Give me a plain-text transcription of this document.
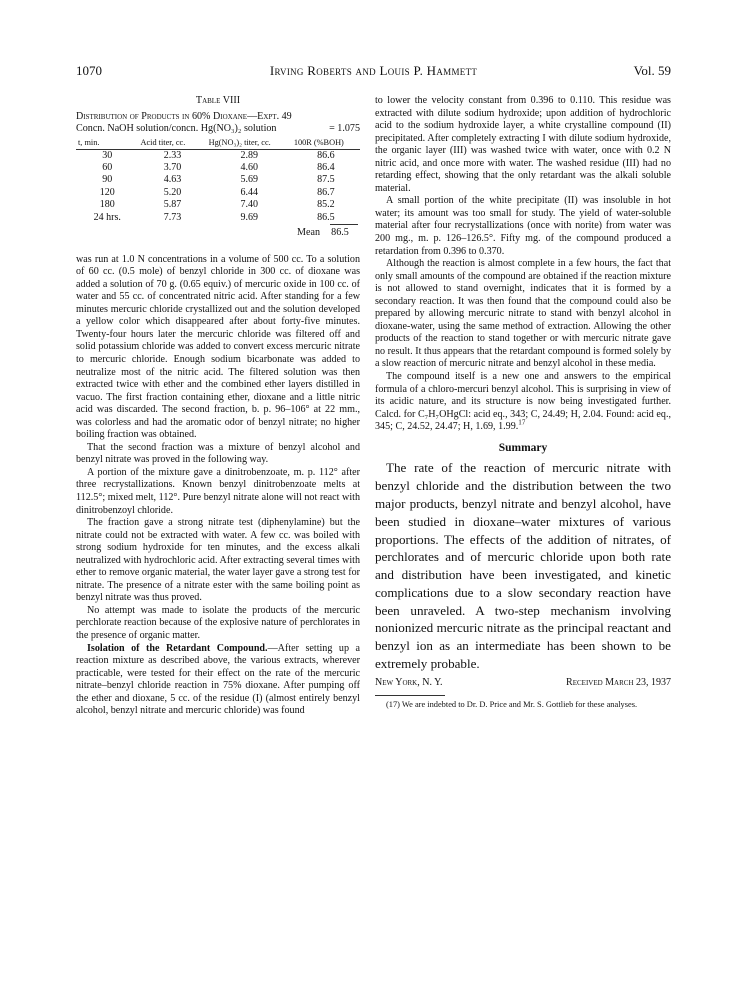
1070	Irving Roberts and Louis P. Hammett	Vol. 59
Table VIII
Distribution of Products in 60% Dioxane—Expt. 49
Concn. NaOH solution/concn. Hg(NO₃)₂ solution	= 1.075
t, min.	Acid titer, cc.	Hg(NO₃)₂ titer, cc.	100R (%BOH)
30	2.33	2.89	86.6
60	3.70	4.60	86.4
90	4.63	5.69	87.5
120	5.20	6.44	86.7
180	5.87	7.40	85.2
24 hrs.	7.73	9.69	86.5
Mean	86.5

was run at 1.0 N concentrations in a volume of 500 cc. To a solution of 60 cc. (0.5 mole) of benzyl chloride in 300 cc. of dioxane was added a solution of 70 g. (0.65 equiv.) of mercuric oxide in 100 cc. of water and 55 cc. of concentrated nitric acid. After standing for a few minutes mercuric chloride crystallized out and the solution developed a yellow color which disappeared after about forty-five minutes. Twenty-four hours later the mercuric chloride was filtered off and solid potassium chloride was added to convert excess mercuric nitrate to mercuric chloride. Enough sodium bicarbonate was added to neutralize most of the nitric acid. The filtered solution was then extracted twice with ether and the combined ether layers distilled in vacuo. The first fraction containing ether, dioxane and a little nitric acid was discarded. The second fraction, b. p. 96–106° at 22 mm., was colorless and had the aromatic odor of benzyl nitrate; no higher boiling fraction was obtained.

That the second fraction was a mixture of benzyl alcohol and benzyl nitrate was proved in the following way.

A portion of the mixture gave a dinitrobenzoate, m. p. 112° after three recrystallizations. Known benzyl dinitrobenzoate melts at 112.5°; mixed melt, 112°. Pure benzyl nitrate alone will not react with dinitrobenzoyl chloride.

The fraction gave a strong nitrate test (diphenylamine) but the nitrate could not be extracted with water. A few cc. was boiled with strong sodium hydroxide for ten minutes, and the excess alkali neutralized with hydrochloric acid. After extracting several times with ether to remove organic material, the water layer gave a strong test for nitrate. The presence of a nitrate ester with the same boiling point as benzyl nitrate was thus proved.

No attempt was made to isolate the products of the mercuric perchlorate reaction because of the explosive nature of perchlorates in the presence of organic matter.

Isolation of the Retardant Compound.—After setting up a reaction mixture as described above, the various extracts, wherever practicable, were tested for their effect on the rate of the mercuric nitrate–benzyl chloride reaction in 75% dioxane. After pumping off the ether and dioxane, 5 cc. of the residue (I) (almost entirely benzyl alcohol, benzyl nitrate and mercuric chloride) was found

to lower the velocity constant from 0.396 to 0.110. This residue was extracted with dilute sodium hydroxide; upon addition of hydrochloric acid to the sodium hydroxide layer, a white crystalline compound (II) precipitated. After completely extracting I with dilute sodium hydroxide, the organic layer (III) was washed twice with water, once with 0.2 N nitric acid, and once more with water. The washed residue (III) had no retarding effect, showing that the only retardant was the alkali soluble material.

A small portion of the white precipitate (II) was insoluble in hot water; its amount was too small for study. The yield of water-soluble material after four recrystallizations (once with norite) from water was 200 mg., m. p. 126–126.5°. Fifty mg. of the compound produced a retardation from 0.396 to 0.370.

Although the reaction is almost complete in a few hours, the fact that only small amounts of the compound are obtained if the reaction mixture is not allowed to stand overnight, indicates that it is formed by a secondary reaction. It was then found that the compound could also be prepared by allowing mercuric nitrate to stand with benzyl alcohol in dioxane-water, using the same method of extraction. Allowing the other products of the reaction to stand together or with mercuric nitrate gave no result. It thus appears that the retardant compound is formed solely by a slow reaction of mercuric nitrate and benzyl alcohol in these media.

The compound itself is a new one and answers to the empirical formula of a chloro-mercuri benzyl alcohol. This is surprising in view of its acidic nature, and its structure is now being investigated further. Calcd. for C₇H₇OHgCl: acid eq., 343; C, 24.49; H, 2.04. Found: acid eq., 345; C, 24.52, 24.47; H, 1.69, 1.99.17

Summary

The rate of the reaction of mercuric nitrate with benzyl chloride and the distribution between the two major products, benzyl nitrate and benzyl alcohol, have been studied in dioxane–water mixtures of various proportions. The effects of the addition of nitrates, of perchlorates and of mercuric chloride upon both rate and distribution have been investigated, and kinetic complications due to a slow secondary reaction have been unraveled. A two-step mechanism involving nonionized mercuric nitrate as the principal reactant and benzyl ion as an intermediate has been shown to be extremely probable.

New York, N. Y.	Received March 23, 1937

(17) We are indebted to Dr. D. Price and Mr. S. Gottlieb for these analyses.
